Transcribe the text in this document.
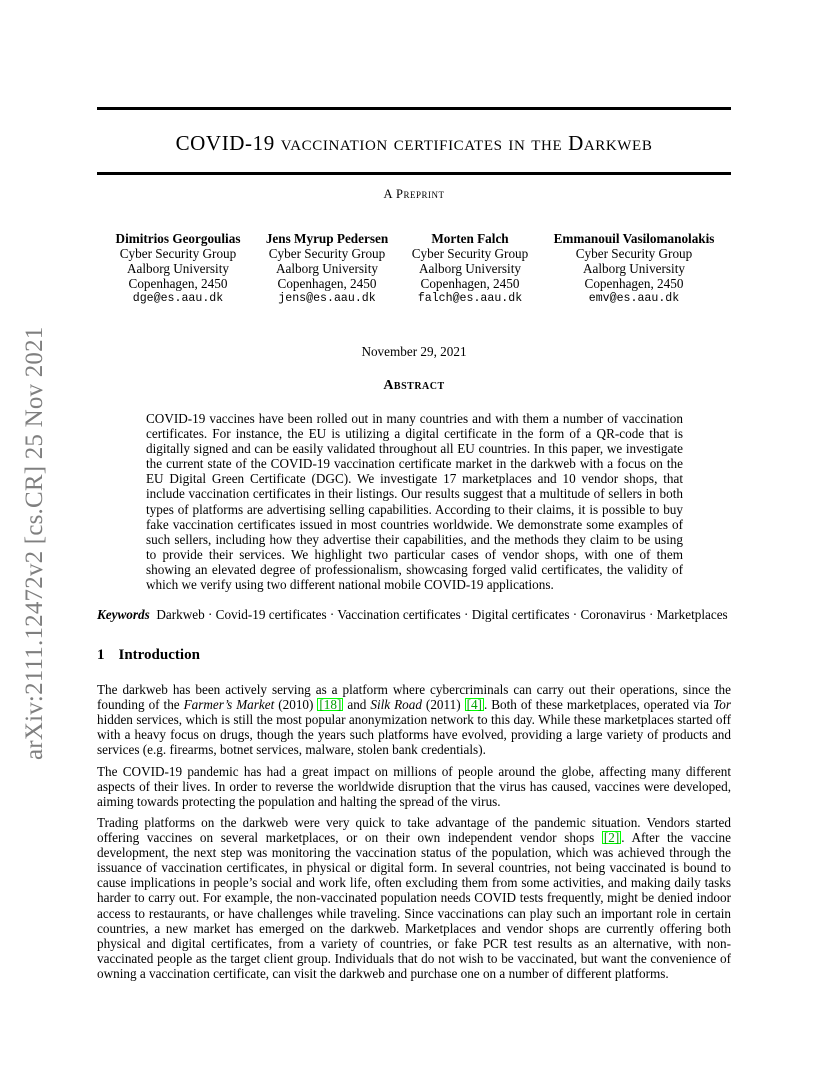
arXiv:2111.12472v2 [cs.CR] 25 Nov 2021
COVID-19 vaccination certificates in the Darkweb
A Preprint
Dimitrios Georgoulias
Cyber Security Group
Aalborg University
Copenhagen, 2450
dge@es.aau.dk
Jens Myrup Pedersen
Cyber Security Group
Aalborg University
Copenhagen, 2450
jens@es.aau.dk
Morten Falch
Cyber Security Group
Aalborg University
Copenhagen, 2450
falch@es.aau.dk
Emmanouil Vasilomanolakis
Cyber Security Group
Aalborg University
Copenhagen, 2450
emv@es.aau.dk
November 29, 2021
Abstract
COVID-19 vaccines have been rolled out in many countries and with them a number of vaccination certificates. For instance, the EU is utilizing a digital certificate in the form of a QR-code that is digitally signed and can be easily validated throughout all EU countries. In this paper, we investigate the current state of the COVID-19 vaccination certificate market in the darkweb with a focus on the EU Digital Green Certificate (DGC). We investigate 17 marketplaces and 10 vendor shops, that include vaccination certificates in their listings. Our results suggest that a multitude of sellers in both types of platforms are advertising selling capabilities. According to their claims, it is possible to buy fake vaccination certificates issued in most countries worldwide. We demonstrate some examples of such sellers, including how they advertise their capabilities, and the methods they claim to be using to provide their services. We highlight two particular cases of vendor shops, with one of them showing an elevated degree of professionalism, showcasing forged valid certificates, the validity of which we verify using two different national mobile COVID-19 applications.
Keywords Darkweb · Covid-19 certificates · Vaccination certificates · Digital certificates · Coronavirus · Marketplaces
1 Introduction
The darkweb has been actively serving as a platform where cybercriminals can carry out their operations, since the founding of the Farmer’s Market (2010) [18] and Silk Road (2011) [4] . Both of these marketplaces, operated via Tor hidden services, which is still the most popular anonymization network to this day. While these marketplaces started off with a heavy focus on drugs, though the years such platforms have evolved, providing a large variety of products and services (e.g. firearms, botnet services, malware, stolen bank credentials).
The COVID-19 pandemic has had a great impact on millions of people around the globe, affecting many different aspects of their lives. In order to reverse the worldwide disruption that the virus has caused, vaccines were developed, aiming towards protecting the population and halting the spread of the virus.
Trading platforms on the darkweb were very quick to take advantage of the pandemic situation. Vendors started offering vaccines on several marketplaces, or on their own independent vendor shops [2] . After the vaccine development, the next step was monitoring the vaccination status of the population, which was achieved through the issuance of vaccination certificates, in physical or digital form. In several countries, not being vaccinated is bound to cause implications in people’s social and work life, often excluding them from some activities, and making daily tasks harder to carry out. For example, the non-vaccinated population needs COVID tests frequently, might be denied indoor access to restaurants, or have challenges while traveling. Since vaccinations can play such an important role in certain countries, a new market has emerged on the darkweb. Marketplaces and vendor shops are currently offering both physical and digital certificates, from a variety of countries, or fake PCR test results as an alternative, with non-vaccinated people as the target client group. Individuals that do not wish to be vaccinated, but want the convenience of owning a vaccination certificate, can visit the darkweb and purchase one on a number of different platforms.
